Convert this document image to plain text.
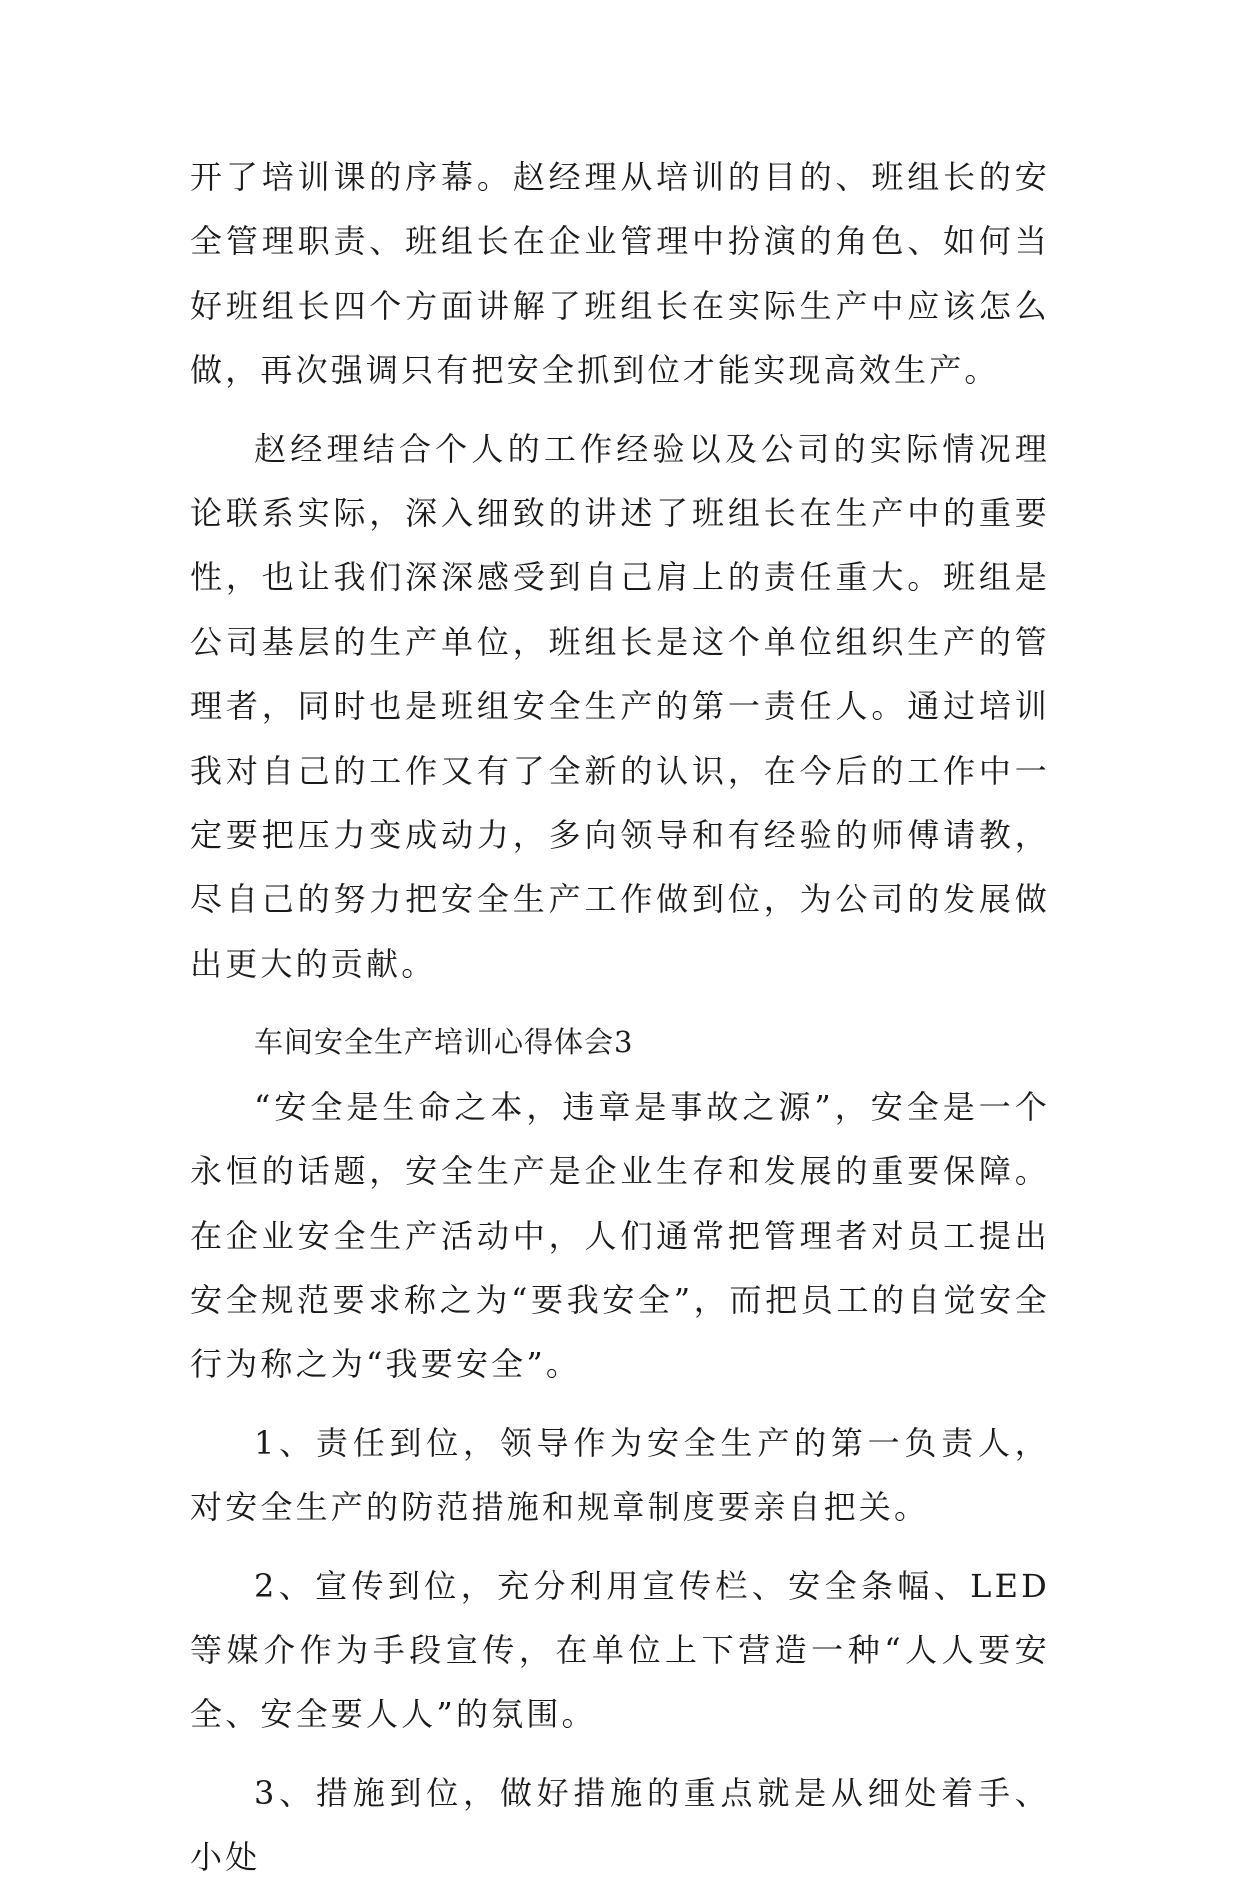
开了培训课的序幕。赵经理从培训的目的、班组长的安全管理职责、班组长在企业管理中扮演的角色、如何当好班组长四个方面讲解了班组长在实际生产中应该怎么做，再次强调只有把安全抓到位才能实现高效生产。

赵经理结合个人的工作经验以及公司的实际情况理论联系实际，深入细致的讲述了班组长在生产中的重要性，也让我们深深感受到自己肩上的责任重大。班组是公司基层的生产单位，班组长是这个单位组织生产的管理者，同时也是班组安全生产的第一责任人。通过培训我对自己的工作又有了全新的认识，在今后的工作中一定要把压力变成动力，多向领导和有经验的师傅请教，尽自己的努力把安全生产工作做到位，为公司的发展做出更大的贡献。

车间安全生产培训心得体会3

“安全是生命之本，违章是事故之源”，安全是一个永恒的话题，安全生产是企业生存和发展的重要保障。在企业安全生产活动中，人们通常把管理者对员工提出安全规范要求称之为“要我安全”，而把员工的自觉安全行为称之为“我要安全”。

1、责任到位，领导作为安全生产的第一负责人，对安全生产的防范措施和规章制度要亲自把关。

2、宣传到位，充分利用宣传栏、安全条幅、LED等媒介作为手段宣传，在单位上下营造一种“人人要安全、安全要人人”的氛围。

3、措施到位，做好措施的重点就是从细处着手、小处
